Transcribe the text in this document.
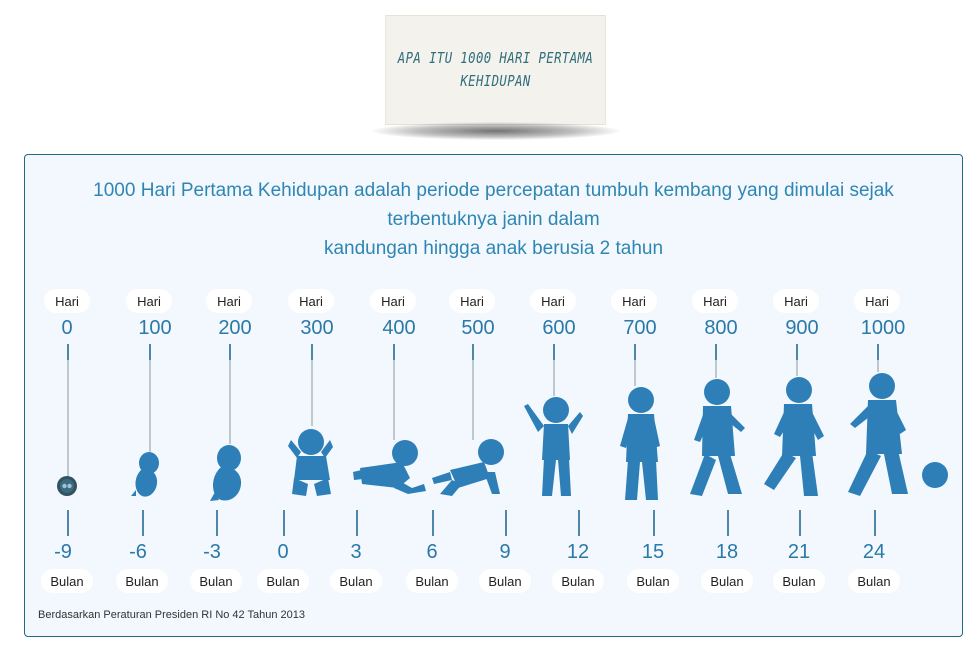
APA ITU 1000 HARI PERTAMA
KEHIDUPAN
1000 Hari Pertama Kehidupan adalah periode percepatan tumbuh kembang yang dimulai sejak
terbentuknya janin dalam
kandungan hingga anak berusia 2 tahun
Hari
0
Hari
100
Hari
200
Hari
300
Hari
400
Hari
500
Hari
600
Hari
700
Hari
800
Hari
900
Hari
1000
-9
Bulan
-6
Bulan
-3
Bulan
0
Bulan
3
Bulan
6
Bulan
9
Bulan
12
Bulan
15
Bulan
18
Bulan
21
Bulan
24
Bulan
Berdasarkan Peraturan Presiden RI No 42 Tahun 2013
